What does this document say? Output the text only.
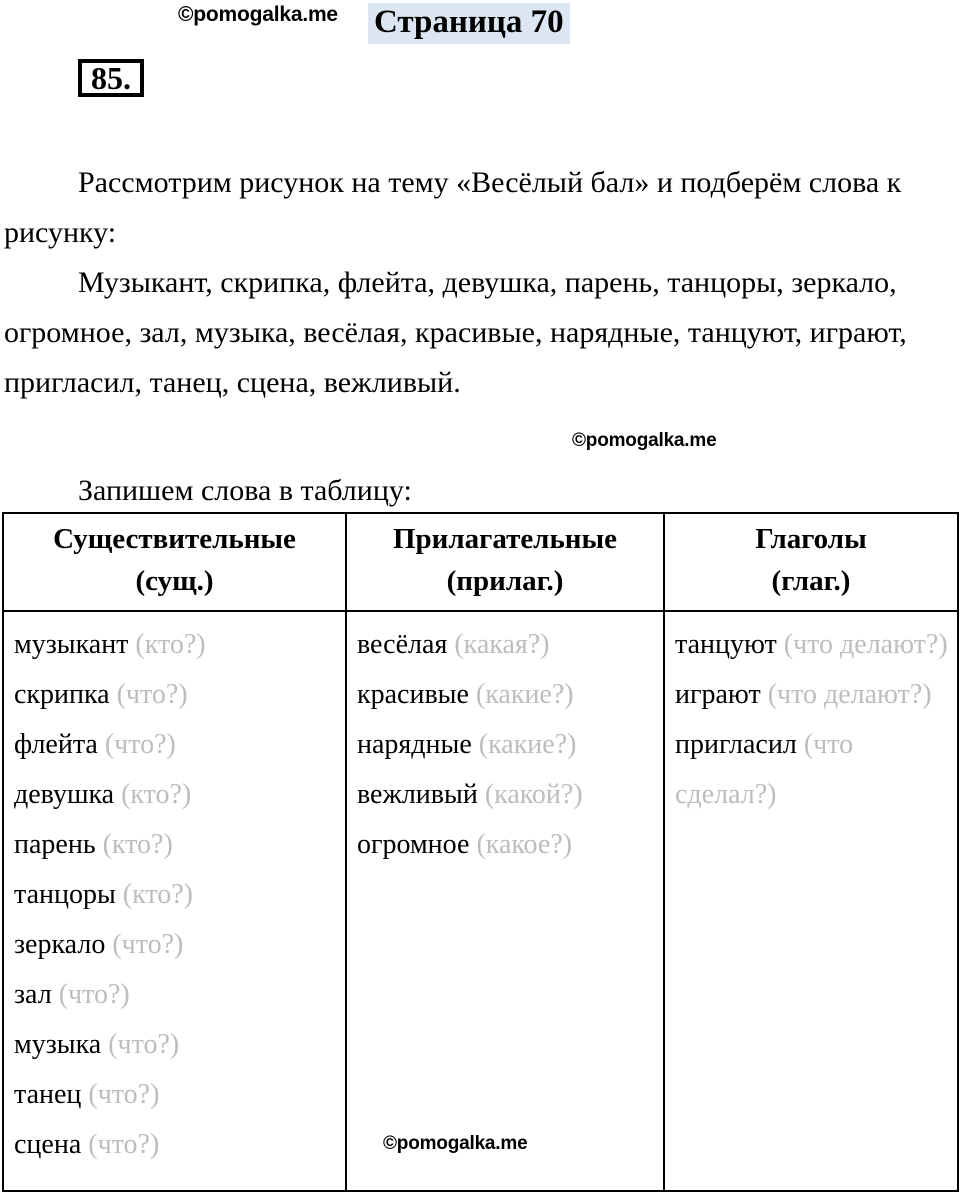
©pomogalka.me
©pomogalka.me
©pomogalka.me
Страница 70
85.

Рассмотрим рисунок на тему «Весёлый бал» и подберём слова к рисунку:

Музыкант, скрипка, флейта, девушка, парень, танцоры, зеркало, огромное, зал, музыка, весёлая, красивые, нарядные, танцуют, играют, пригласил, танец, сцена, вежливый.

Запишем слова в таблицу:
Существительные
(сущ.)

Прилагательные
(прилаг.)

Глаголы
(глаг.)

музыкант (кто?)
скрипка (что?)
флейта (что?)
девушка (кто?)
парень (кто?)
танцоры (кто?)
зеркало (что?)
зал (что?)
музыка (что?)
танец (что?)
сцена (что?)

весёлая (какая?)
красивые (какие?)
нарядные (какие?)
вежливый (какой?)
огромное (какое?)

танцуют (что делают?)
играют (что делают?)
пригласил (что сделал?)
